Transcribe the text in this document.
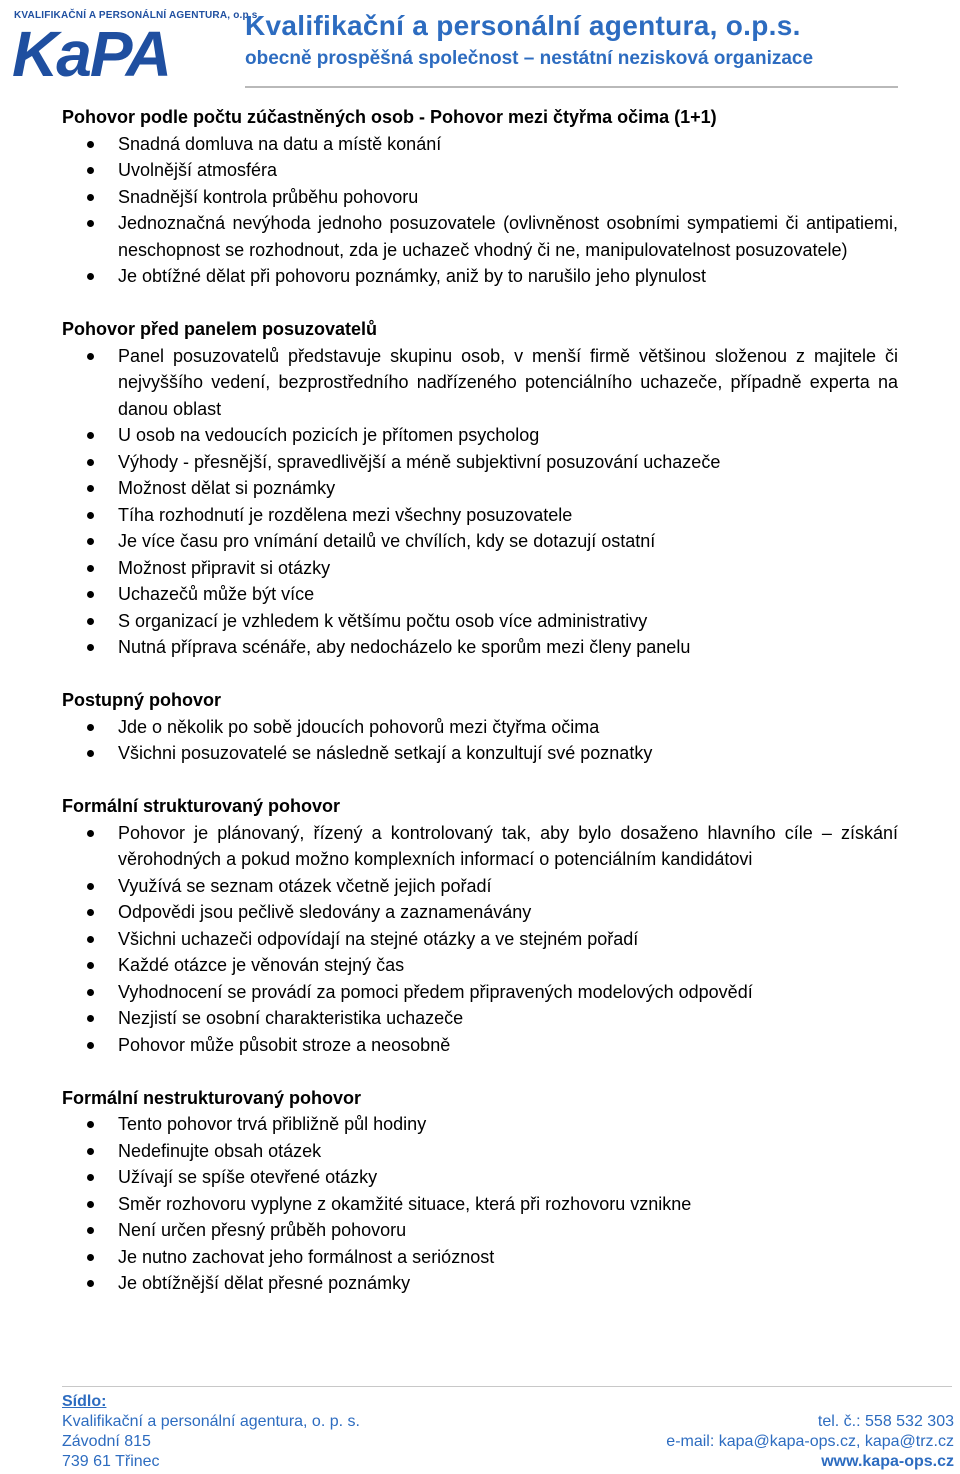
KVALIFIKAČNÍ A PERSONÁLNÍ AGENTURA, o.p.s.
KaPA	Kvalifikační a personální agentura, o.p.s.
obecně prospěšná společnost – nestátní nezisková organizace

Pohovor podle počtu zúčastněných osob - Pohovor mezi čtyřma očima (1+1)

Snadná domluva na datu a místě konání
Uvolnější atmosféra
Snadnější kontrola průběhu pohovoru
Jednoznačná nevýhoda jednoho posuzovatele (ovlivněnost osobními sympatiemi či antipatiemi, neschopnost se rozhodnout, zda je uchazeč vhodný či ne, manipulovatelnost posuzovatele)
Je obtížné dělat při pohovoru poznámky, aniž by to narušilo jeho plynulost

Pohovor před panelem posuzovatelů

Panel posuzovatelů představuje skupinu osob, v menší firmě většinou složenou z majitele či nejvyššího vedení, bezprostředního nadřízeného potenciálního uchazeče, případně experta na danou oblast
U osob na vedoucích pozicích je přítomen psycholog
Výhody - přesnější, spravedlivější a méně subjektivní posuzování uchazeče
Možnost dělat si poznámky
Tíha rozhodnutí je rozdělena mezi všechny posuzovatele
Je více času pro vnímání detailů ve chvílích, kdy se dotazují ostatní
Možnost připravit si otázky
Uchazečů může být více
S organizací je vzhledem k většímu počtu osob více administrativy
Nutná příprava scénáře, aby nedocházelo ke sporům mezi členy panelu

Postupný pohovor

Jde o několik po sobě jdoucích pohovorů mezi čtyřma očima
Všichni posuzovatelé se následně setkají a konzultují své poznatky

Formální strukturovaný pohovor

Pohovor je plánovaný, řízený a kontrolovaný tak, aby bylo dosaženo hlavního cíle – získání věrohodných a pokud možno komplexních informací o potenciálním kandidátovi
Využívá se seznam otázek včetně jejich pořadí
Odpovědi jsou pečlivě sledovány a zaznamenávány
Všichni uchazeči odpovídají na stejné otázky a ve stejném pořadí
Každé otázce je věnován stejný čas
Vyhodnocení se provádí za pomoci předem připravených modelových odpovědí
Nezjistí se osobní charakteristika uchazeče
Pohovor může působit stroze a neosobně

Formální nestrukturovaný pohovor

Tento pohovor trvá přibližně půl hodiny
Nedefinujte obsah otázek
Užívají se spíše otevřené otázky
Směr rozhovoru vyplyne z okamžité situace, která při rozhovoru vznikne
Není určen přesný průběh pohovoru
Je nutno zachovat jeho formálnost a serióznost
Je obtížnější dělat přesné poznámky
Sídlo:
Kvalifikační a personální agentura, o. p. s.
Závodní 815
739 61 Třinec
tel. č.: 558 532 303
e-mail: kapa@kapa-ops.cz, kapa@trz.cz
www.kapa-ops.cz
